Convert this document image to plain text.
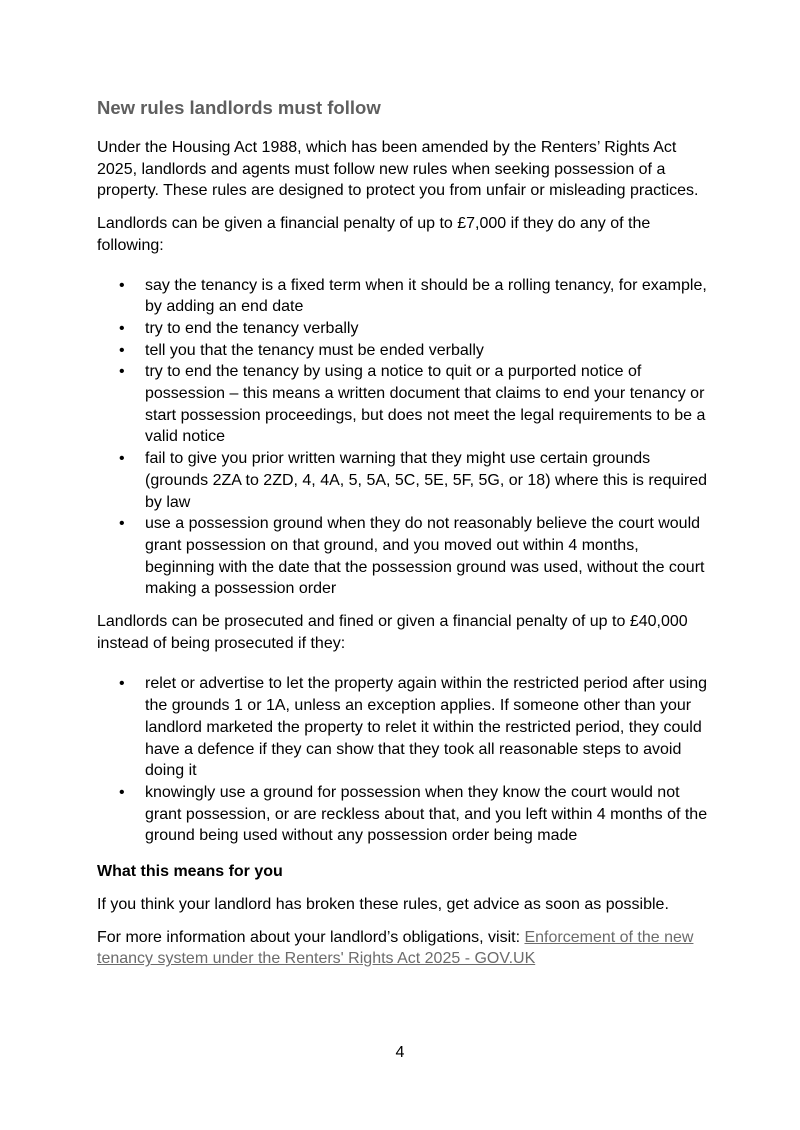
New rules landlords must follow

Under the Housing Act 1988, which has been amended by the Renters’ Rights Act 2025, landlords and agents must follow new rules when seeking possession of a property. These rules are designed to protect you from unfair or misleading practices.

Landlords can be given a financial penalty of up to £7,000 if they do any of the following:

• say the tenancy is a fixed term when it should be a rolling tenancy, for example, by adding an end date
• try to end the tenancy verbally
• tell you that the tenancy must be ended verbally
• try to end the tenancy by using a notice to quit or a purported notice of possession – this means a written document that claims to end your tenancy or start possession proceedings, but does not meet the legal requirements to be a valid notice
• fail to give you prior written warning that they might use certain grounds (grounds 2ZA to 2ZD, 4, 4A, 5, 5A, 5C, 5E, 5F, 5G, or 18) where this is required by law
• use a possession ground when they do not reasonably believe the court would grant possession on that ground, and you moved out within 4 months, beginning with the date that the possession ground was used, without the court making a possession order

Landlords can be prosecuted and fined or given a financial penalty of up to £40,000 instead of being prosecuted if they:

• relet or advertise to let the property again within the restricted period after using the grounds 1 or 1A, unless an exception applies. If someone other than your landlord marketed the property to relet it within the restricted period, they could have a defence if they can show that they took all reasonable steps to avoid doing it
• knowingly use a ground for possession when they know the court would not grant possession, or are reckless about that, and you left within 4 months of the ground being used without any possession order being made

What this means for you

If you think your landlord has broken these rules, get advice as soon as possible.

For more information about your landlord’s obligations, visit: Enforcement of the new tenancy system under the Renters' Rights Act 2025 - GOV.UK

4
